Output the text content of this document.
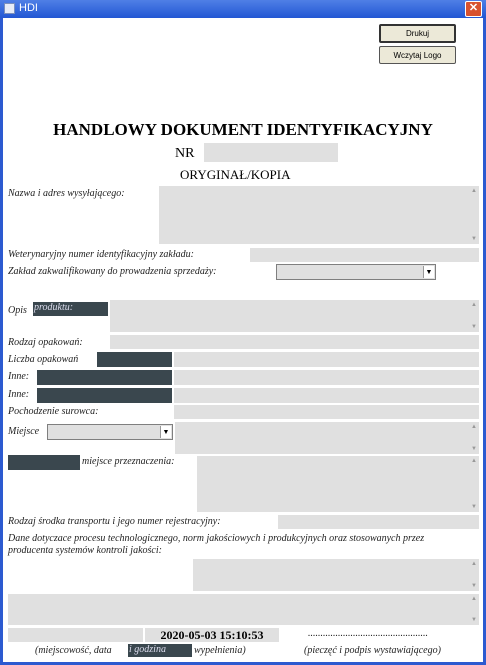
HDI	✕
Drukuj
Wczytaj Logo
HANDLOWY DOKUMENT IDENTYFIKACYJNY
NR
ORYGINAŁ/KOPIA
Nazwa i adres wysyłającego:	▲
▼
Weterynaryjny numer identyfikacyjny zakładu:
Zakład zakwalifikowany do prowadzenia sprzedaży:	▼
Opis produktu:	▲
▼
Rodzaj opakowań:
Liczba opakowań
Inne:
Inne:
Pochodzenie surowca:
Miejsce	▼
▲
▼
miejsce przeznaczenia:	▲
▼
Rodzaj środka transportu i jego numer rejestracyjny:
Dane dotyczace procesu technologicznego, norm jakościowych i produkcyjnych oraz stosowanych przez producenta systemów kontroli jakości:
▲
▼
▲
▼
2020-05-03 15:10:53	................................................
(miejscowość, data i godzina	wypełnienia)	(pieczęć i podpis wystawiającego)
